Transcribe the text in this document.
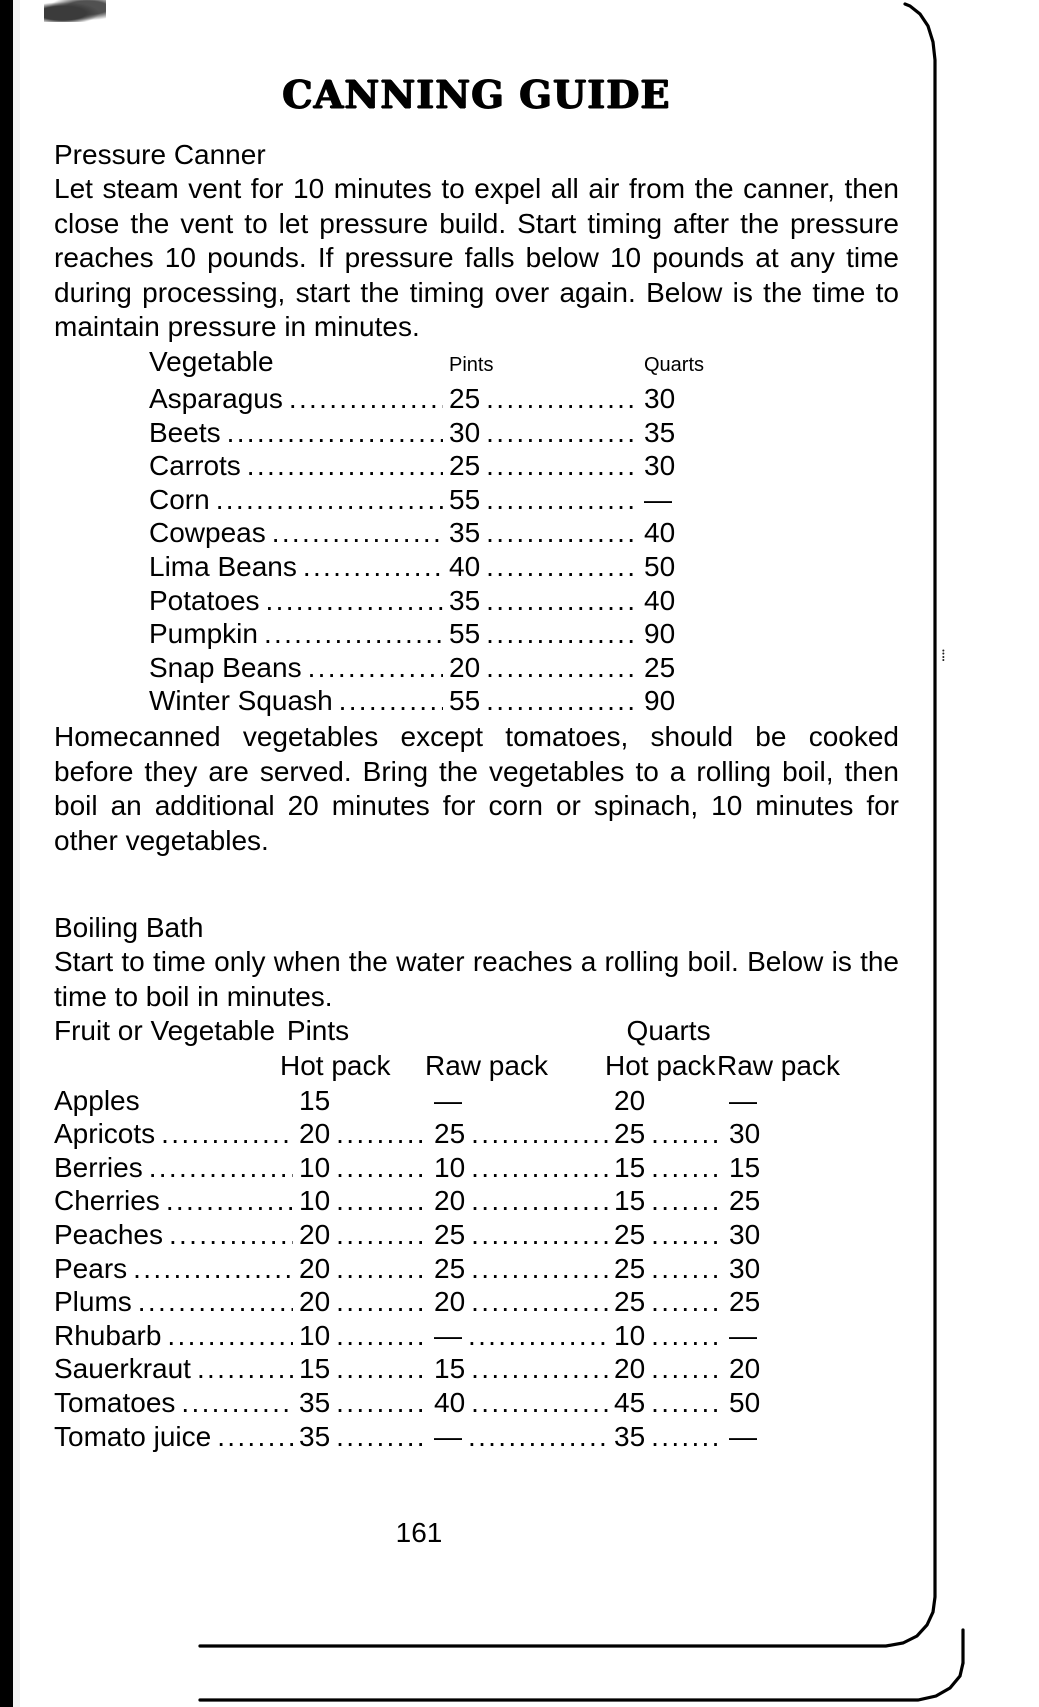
⁞
CANNING GUIDE
Pressure Canner

Let steam vent for 10 minutes to expel all air from the canner, then close the vent to let pressure build. Start timing after the pressure reaches 10 pounds. If pressure falls below 10 pounds at any time during processing, start the timing over again. Below is the time to maintain pressure in minutes.

Vegetable	Pints	Quarts
Asparagus .....	25 .....	30
Beets .....	30 .....	35
Carrots .....	25 .....	30
Corn .....	55 .....	—
Cowpeas .....	35 .....	40
Lima Beans .....	40 .....	50
Potatoes .....	35 .....	40
Pumpkin .....	55 .....	90
Snap Beans .....	20 .....	25
Winter Squash .....	55 .....	90

Homecanned vegetables except tomatoes, should be cooked before they are served. Bring the vegetables to a rolling boil, then boil an additional 20 minutes for corn or spinach, 10 minutes for other vegetables.

Boiling Bath

Start to time only when the water reaches a rolling boil. Below is the time to boil in minutes.

Fruit or Vegetable Pints	Quarts
Hot pack	Raw pack	Hot pack Raw pack
Apples	15	—	20	—
Apricots .....	20 .....	25 .....	25 .....	30
Berries .....	10 .....	10 .....	15 .....	15
Cherries .....	10 .....	20 .....	15 .....	25
Peaches .....	20 .....	25 .....	25 .....	30
Pears .....	20 .....	25 .....	25 .....	30
Plums .....	20 .....	20 .....	25 .....	25
Rhubarb .....	10 .....	— .....	10 .....	—
Sauerkraut .....	15 .....	15 .....	20 .....	20
Tomatoes .....	35 .....	40 .....	45 .....	50
Tomato juice .....	35 .....	— .....	35 .....	—
161
